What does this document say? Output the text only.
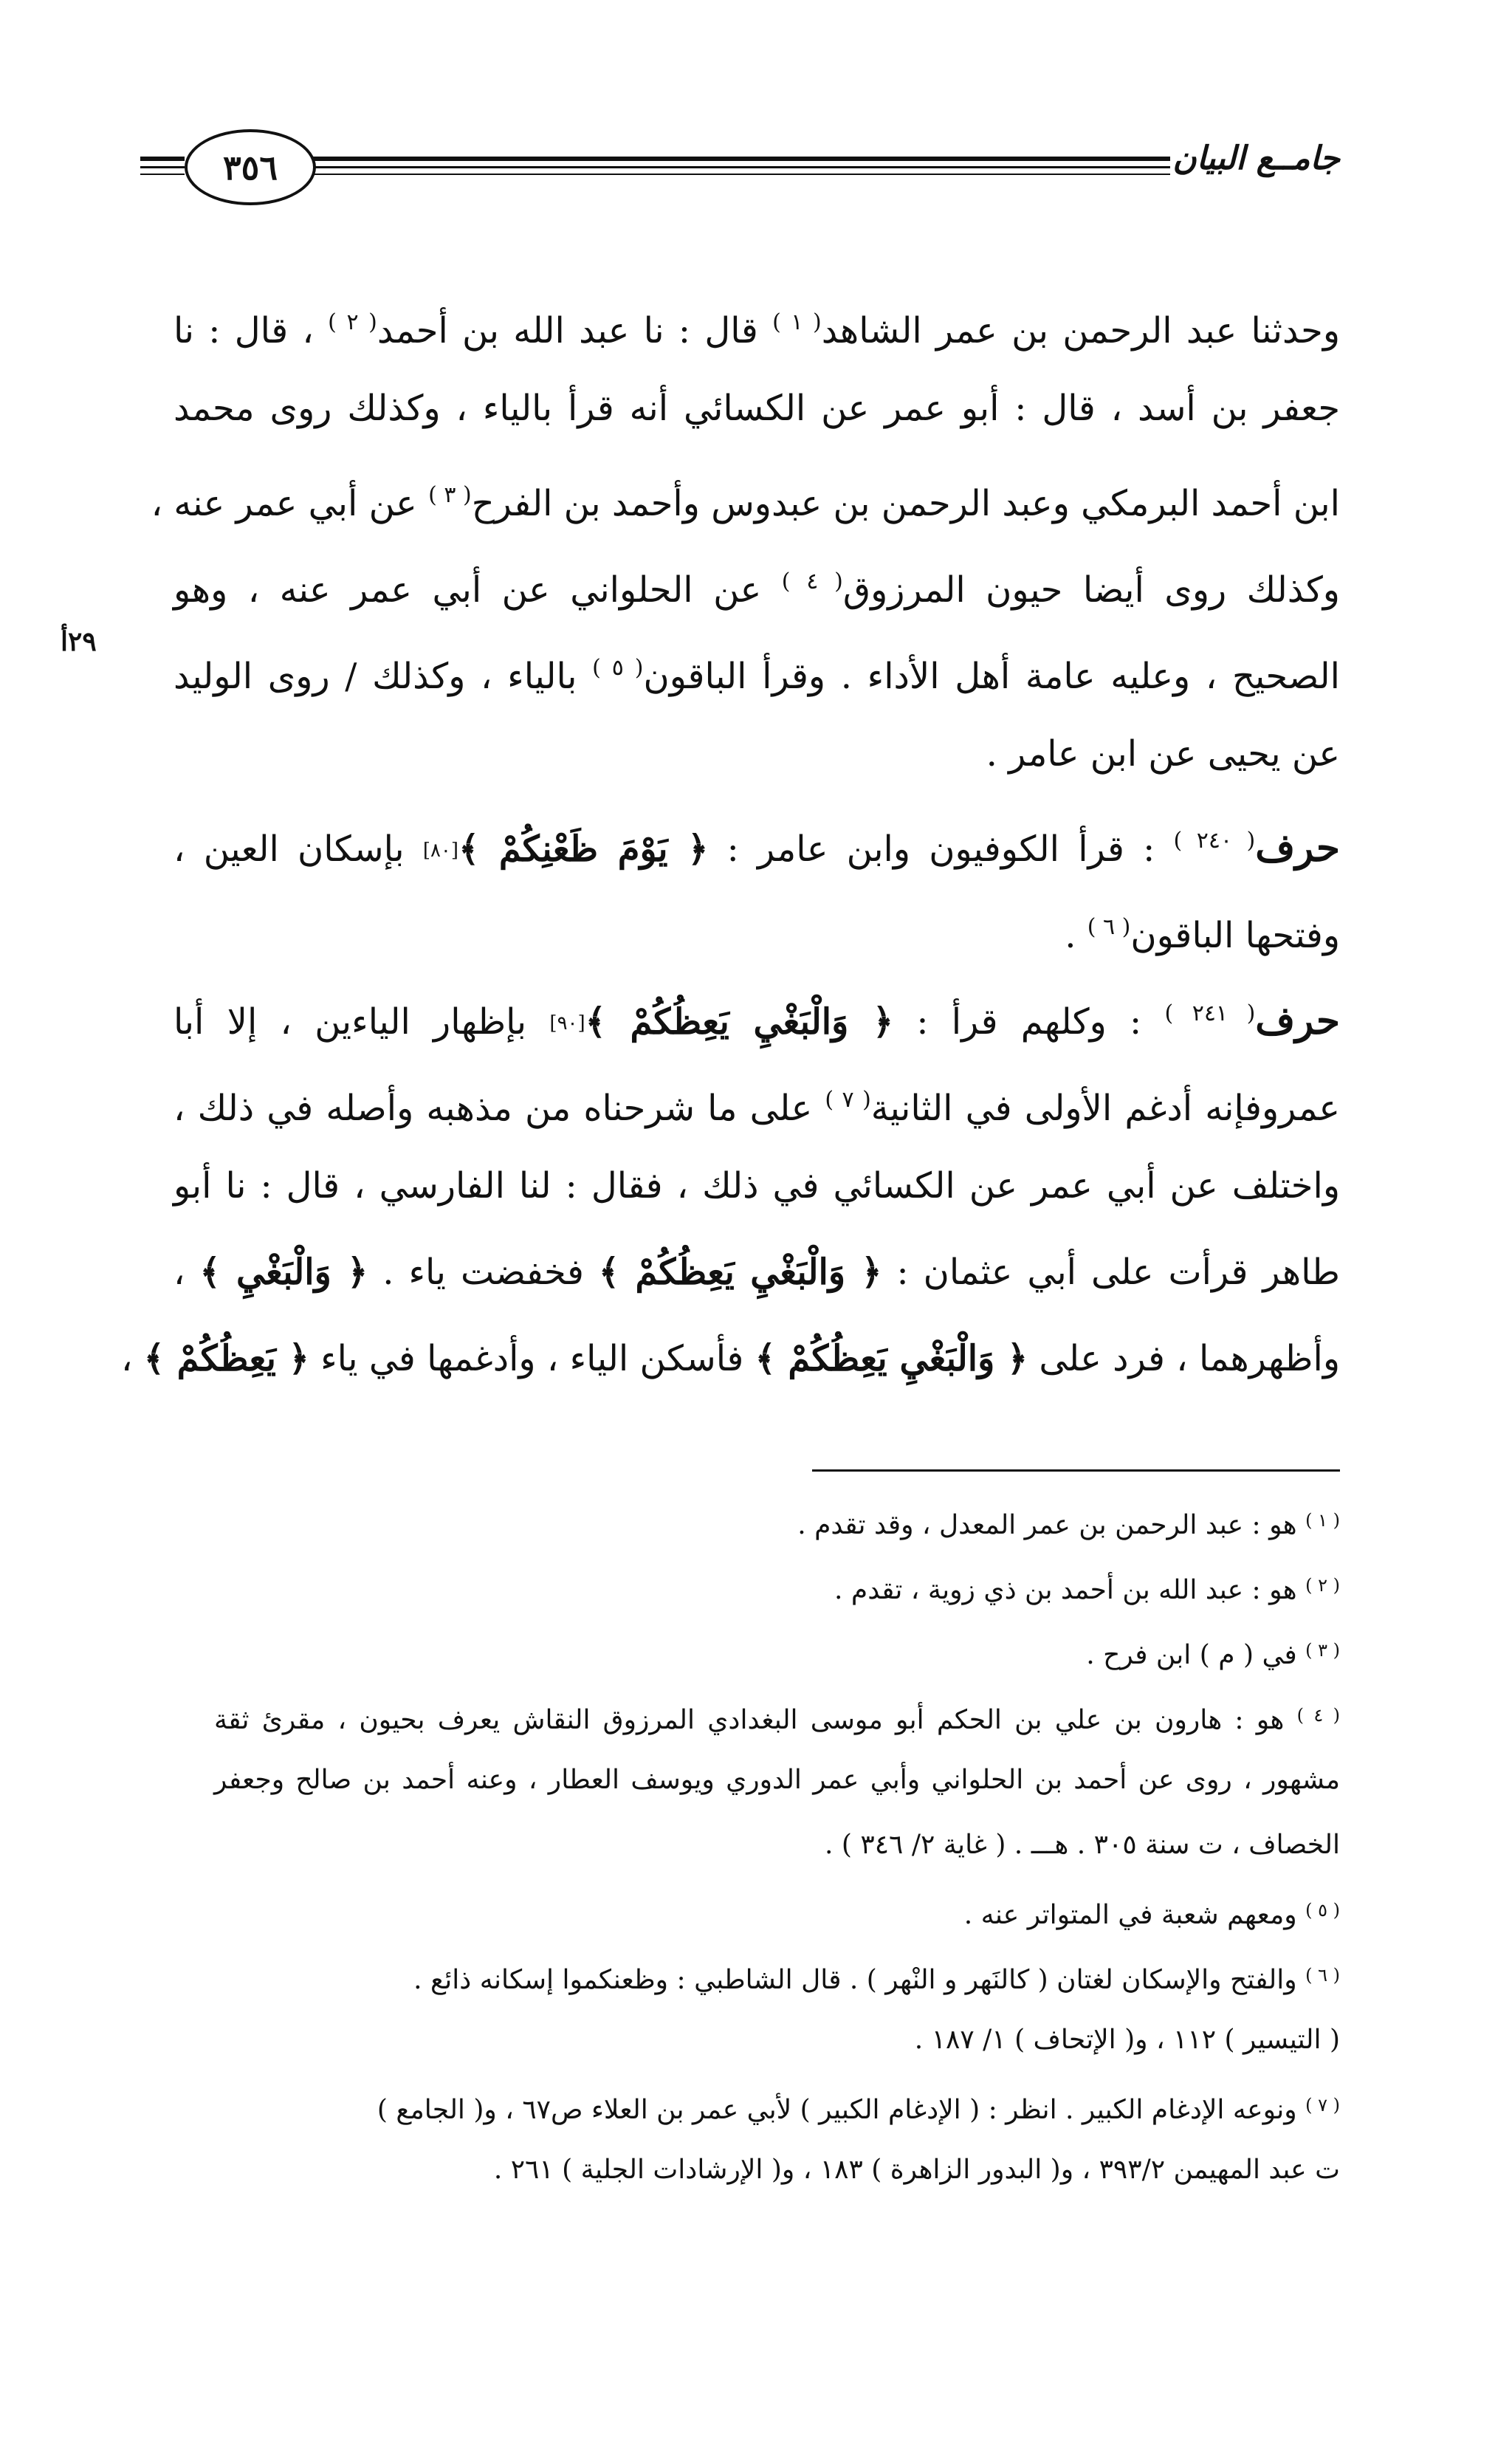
٣٥٦	جامــع البيان
٢٩أ
وحدثنا عبد الرحمن بن عمر الشاهد$^{( ١ )}$ قال : نا عبد الله بن أحمد$^{( ٢ )}$ ، قال : نا
جعفر بن أسد ، قال : أبو عمر عن الكسائي أنه قرأ بالياء ، وكذلك روى محمد
ابن أحمد البرمكي وعبد الرحمن بن عبدوس وأحمد بن الفرح$^{( ٣ )}$ عن أبي عمر عنه ،
وكذلك روى أيضا حيون المرزوق$^{( ٤ )}$ عن الحلواني عن أبي عمر عنه ، وهو
الصحيح ، وعليه عامة أهل الأداء . وقرأ الباقون$^{( ٥ )}$ بالياء ، وكذلك / روى الوليد
عن يحيى عن ابن عامر .
حرف$^{( ٢٤٠ )}$ : قرأ الكوفيون وابن عامر : ﴿ يَوْمَ ظَعْنِكُمْ ﴾[٨٠] بإسكان العين ،
وفتحها الباقون$^{( ٦ )}$ .
حرف$^{( ٢٤١ )}$ : وكلهم قرأ : ﴿ وَالْبَغْيِ يَعِظُكُمْ ﴾[٩٠] بإظهار الياءين ، إلا أبا
عمروفإنه أدغم الأولى في الثانية$^{( ٧ )}$ على ما شرحناه من مذهبه وأصله في ذلك ،
واختلف عن أبي عمر عن الكسائي في ذلك ، فقال : لنا الفارسي ، قال : نا أبو
طاهر قرأت على أبي عثمان : ﴿ وَالْبَغْيِ يَعِظُكُمْ ﴾ فخفضت ياء . ﴿ وَالْبَغْيِ ﴾ ،
وأظهرهما ، فرد على ﴿ وَالْبَغْيِ يَعِظُكُمْ ﴾ فأسكن الياء ، وأدغمها في ياء ﴿ يَعِظُكُمْ ﴾ ،
$^{( ١ )}$ هو : عبد الرحمن بن عمر المعدل ، وقد تقدم .
$^{( ٢ )}$ هو : عبد الله بن أحمد بن ذي زوية ، تقدم .
$^{( ٣ )}$ في ( م ) ابن فرح .
$^{( ٤ )}$ هو : هارون بن علي بن الحكم أبو موسى البغدادي المرزوق النقاش يعرف بحيون ، مقرئ ثقة
مشهور ، روى عن أحمد بن الحلواني وأبي عمر الدوري ويوسف العطار ، وعنه أحمد بن صالح وجعفر
الخصاف ، ت سنة ٣٠٥ . هـــ . ( غاية ٢/ ٣٤٦ ) .
$^{( ٥ )}$ ومعهم شعبة في المتواتر عنه .
$^{( ٦ )}$ والفتح والإسكان لغتان ( كالنَهر و النْهر ) . قال الشاطبي : وظعنكموا إسكانه ذائع .
( التيسير ) ١١٢ ، و( الإتحاف ) ١/ ١٨٧ .
$^{( ٧ )}$ ونوعه الإدغام الكبير . انظر : ( الإدغام الكبير ) لأبي عمر بن العلاء ص٦٧ ، و( الجامع )
ت عبد المهيمن ٣٩٣/٢ ، و( البدور الزاهرة ) ١٨٣ ، و( الإرشادات الجلية ) ٢٦١ .
